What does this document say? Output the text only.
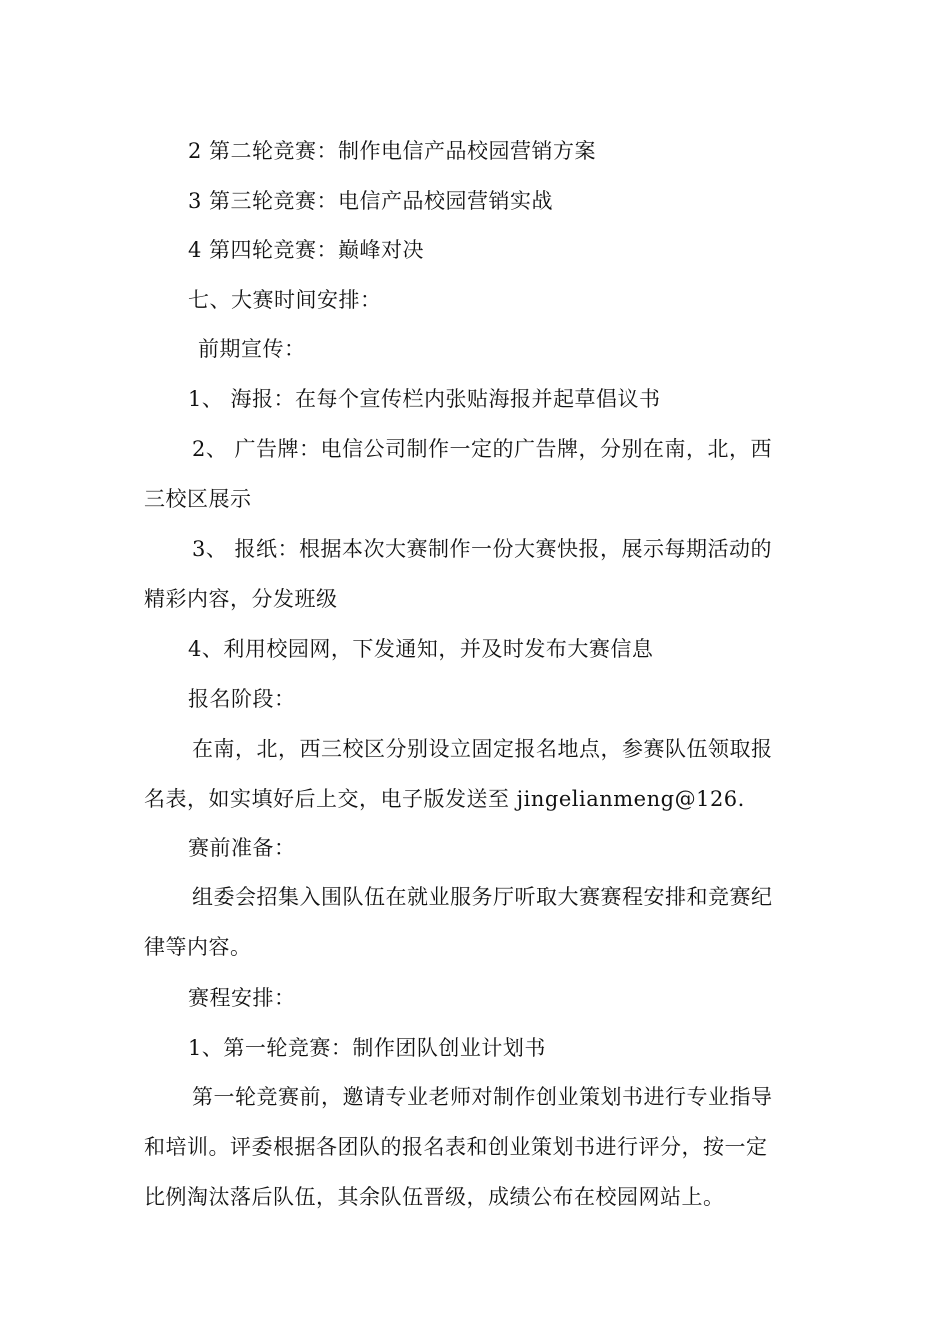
2 第二轮竞赛：制作电信产品校园营销方案
3 第三轮竞赛：电信产品校园营销实战
4 第四轮竞赛：巅峰对决
七、大赛时间安排：
前期宣传：
1、 海报：在每个宣传栏内张贴海报并起草倡议书
2、 广告牌：电信公司制作一定的广告牌，分别在南，北，西
三校区展示
3、 报纸：根据本次大赛制作一份大赛快报，展示每期活动的
精彩内容，分发班级
4、利用校园网，下发通知，并及时发布大赛信息
报名阶段：
在南，北，西三校区分别设立固定报名地点，参赛队伍领取报
名表，如实填好后上交，电子版发送至 jingelianmeng@126.
赛前准备：
组委会招集入围队伍在就业服务厅听取大赛赛程安排和竞赛纪
律等内容。
赛程安排：
1、第一轮竞赛：制作团队创业计划书
第一轮竞赛前，邀请专业老师对制作创业策划书进行专业指导
和培训。评委根据各团队的报名表和创业策划书进行评分，按一定
比例淘汰落后队伍，其余队伍晋级，成绩公布在校园网站上。
